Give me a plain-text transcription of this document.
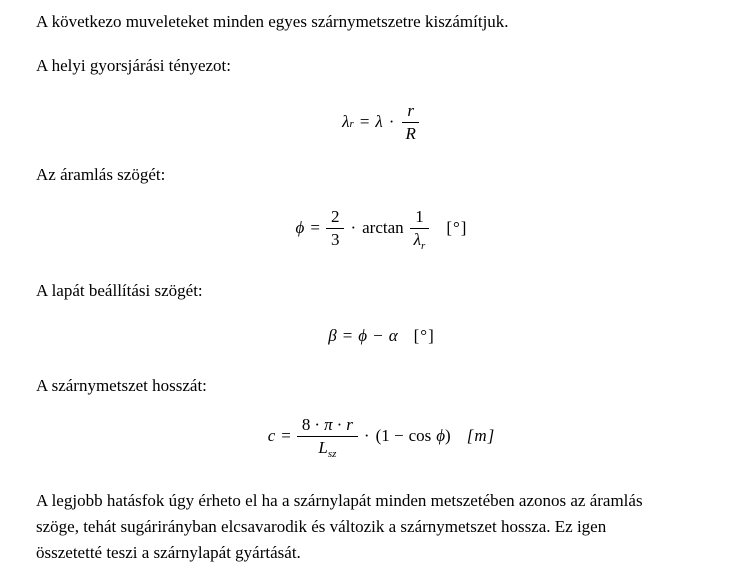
A következo muveleteket minden egyes szárnymetszetre kiszámítjuk.

A helyi gyorsjárási tényezot:

λ $r = \lambda \cdot \frac{r}{R}$

Az áramlás szögét:

$\phi = \frac{2}{3} \cdot \arctan \frac{1}{\lambda_r}$ [°]

A lapát beállítási szögét:

β = ϕ − α [°]

A szárnymetszet hosszát:

$c = \frac{8 \cdot \pi \cdot r}{L_{sz}} \cdot (1 - \cos \phi$ ) [m]

A legjobb hatásfok úgy érheto el ha a szárnylapát minden metszetében azonos az áramlás
szöge, tehát sugárirányban elcsavarodik és változik a szárnymetszet hossza. Ez igen
összetetté teszi a szárnylapát gyártását.
